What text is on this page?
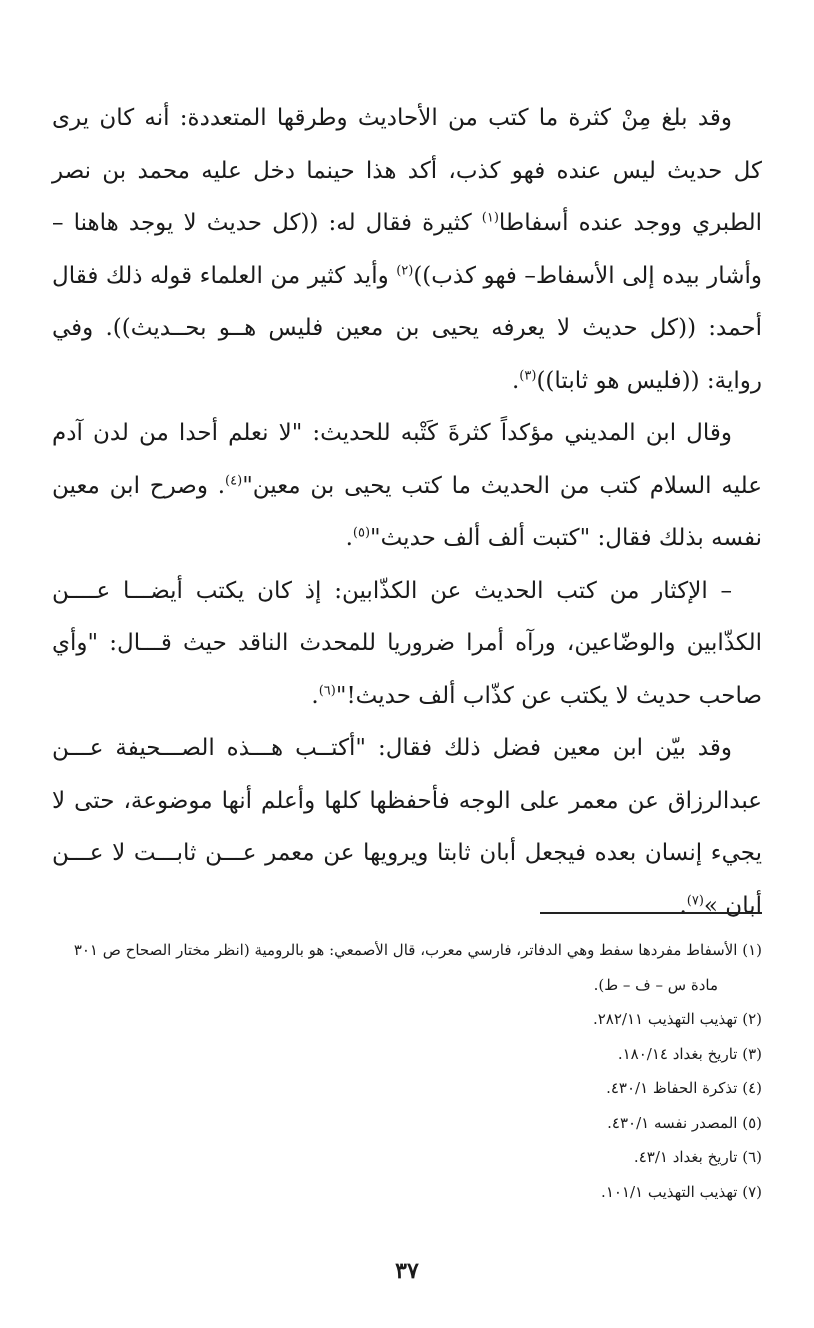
وقد بلغ مِنْ كثرة ما كتب من الأحاديث وطرقها المتعددة: أنه كان يرى كل حديث ليس عنده فهو كذب، أكد هذا حينما دخل عليه محمد بن نصر الطبري ووجد عنده أسفاطا$^{(١)}$ كثيرة فقال له: ((كل حديث لا يوجد هاهنا – وأشار بيده إلى الأسفاط– فهو كذب))$^{(٢)}$ وأيد كثير من العلماء قوله ذلك فقال أحمد: ((كل حديث لا يعرفه يحيى بن معين فليس هــو بحــديث)). وفي رواية: ((فليس هو ثابتا))$^{(٣)}$.

وقال ابن المديني مؤكداً كثرةَ كَتْبه للحديث: "لا نعلم أحدا من لدن آدم عليه السلام كتب من الحديث ما كتب يحيى بن معين"$^{(٤)}$. وصرح ابن معين نفسه بذلك فقال: "كتبت ألف ألف حديث"$^{(٥)}$.

– الإكثار من كتب الحديث عن الكذّابين: إذ كان يكتب أيضـــا عــــن الكذّابين والوضّاعين، ورآه أمرا ضروريا للمحدث الناقد حيث قـــال: "وأي صاحب حديث لا يكتب عن كذّاب ألف حديث!"$^{(٦)}$.

وقد بيّن ابن معين فضل ذلك فقال: "أكتــب هـــذه الصـــحيفة عـــن عبدالرزاق عن معمر على الوجه فأحفظها كلها وأعلم أنها موضوعة، حتى لا يجيء إنسان بعده فيجعل أبان ثابتا ويرويها عن معمر عـــن ثابـــت لا عـــن أبان »$^{(٧)}$.

(١) الأسفاط مفردها سفط وهي الدفاتر، فارسي معرب، قال الأصمعي: هو بالرومية (انظر مختار الصحاح ص ٣٠١ مادة س – ف – ط).

(٢) تهذيب التهذيب ٢٨٢/١١.

(٣) تاريخ بغداد ١٨٠/١٤.

(٤) تذكرة الحفاظ ٤٣٠/١.

(٥) المصدر نفسه ٤٣٠/١.

(٦) تاريخ بغداد ٤٣/١.

(٧) تهذيب التهذيب ١٠١/١.

٣٧
